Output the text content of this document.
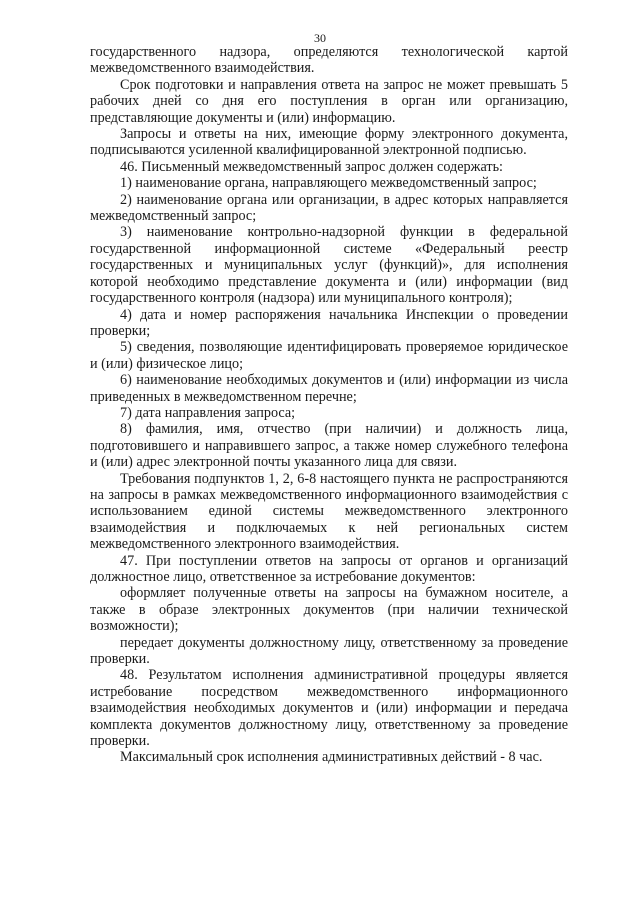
30

государственного надзора, определяются технологической картой межведомственного взаимодействия.

Срок подготовки и направления ответа на запрос не может превышать 5 рабочих дней со дня его поступления в орган или организацию, представляющие документы и (или) информацию.

Запросы и ответы на них, имеющие форму электронного документа, подписываются усиленной квалифицированной электронной подписью.

46. Письменный межведомственный запрос должен содержать:

1) наименование органа, направляющего межведомственный запрос;

2) наименование органа или организации, в адрес которых направляется межведомственный запрос;

3) наименование контрольно-надзорной функции в федеральной государственной информационной системе «Федеральный реестр государственных и муниципальных услуг (функций)», для исполнения которой необходимо представление документа и (или) информации (вид государственного контроля (надзора) или муниципального контроля);

4) дата и номер распоряжения начальника Инспекции о проведении проверки;

5) сведения, позволяющие идентифицировать проверяемое юридическое и (или) физическое лицо;

6) наименование необходимых документов и (или) информации из числа приведенных в межведомственном перечне;

7) дата направления запроса;

8) фамилия, имя, отчество (при наличии) и должность лица, подготовившего и направившего запрос, а также номер служебного телефона и (или) адрес электронной почты указанного лица для связи.

Требования подпунктов 1, 2, 6-8 настоящего пункта не распространяются на запросы в рамках межведомственного информационного взаимодействия с использованием единой системы межведомственного электронного взаимодействия и подключаемых к ней региональных систем межведомственного электронного взаимодействия.

47. При поступлении ответов на запросы от органов и организаций должностное лицо, ответственное за истребование документов:

оформляет полученные ответы на запросы на бумажном носителе, а также в образе электронных документов (при наличии технической возможности);

передает документы должностному лицу, ответственному за проведение проверки.

48. Результатом исполнения административной процедуры является истребование посредством межведомственного информационного взаимодействия необходимых документов и (или) информации и передача комплекта документов должностному лицу, ответственному за проведение проверки.

Максимальный срок исполнения административных действий - 8 час.
